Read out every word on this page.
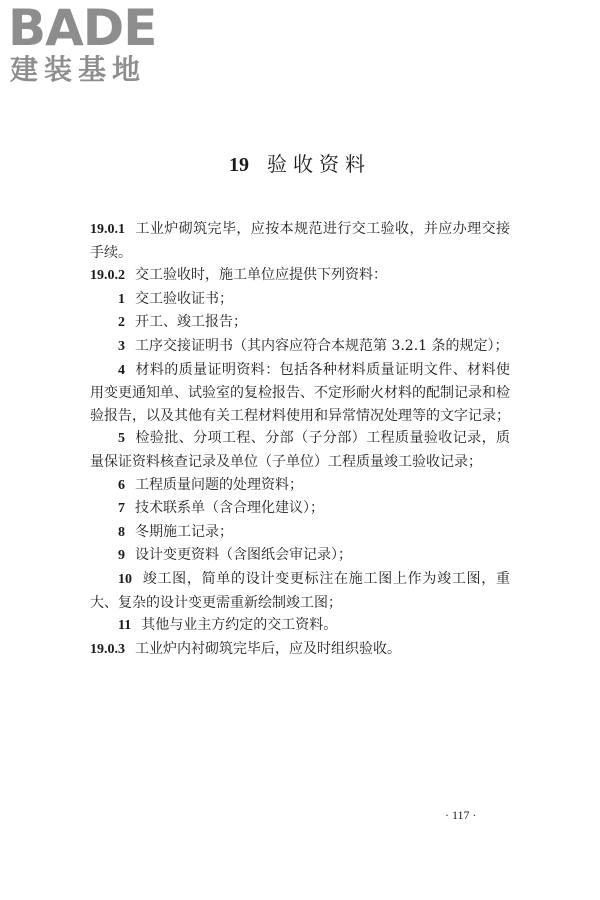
BADE
建装基地
19 验收资料

19.0.1 工业炉砌筑完毕，应按本规范进行交工验收，并应办理交接手续。

19.0.2 交工验收时，施工单位应提供下列资料：

1 交工验收证书；

2 开工、竣工报告；

3 工序交接证明书（其内容应符合本规范第 3.2.1 条的规定）；

4 材料的质量证明资料：包括各种材料质量证明文件、材料使用变更通知单、试验室的复检报告、不定形耐火材料的配制记录和检验报告，以及其他有关工程材料使用和异常情况处理等的文字记录；

5 检验批、分项工程、分部（子分部）工程质量验收记录，质量保证资料核查记录及单位（子单位）工程质量竣工验收记录；

6 工程质量问题的处理资料；

7 技术联系单（含合理化建议）；

8 冬期施工记录；

9 设计变更资料（含图纸会审记录）；

10 竣工图，简单的设计变更标注在施工图上作为竣工图，重大、复杂的设计变更需重新绘制竣工图；

11 其他与业主方约定的交工资料。

19.0.3 工业炉内衬砌筑完毕后，应及时组织验收。

· 117 ·
